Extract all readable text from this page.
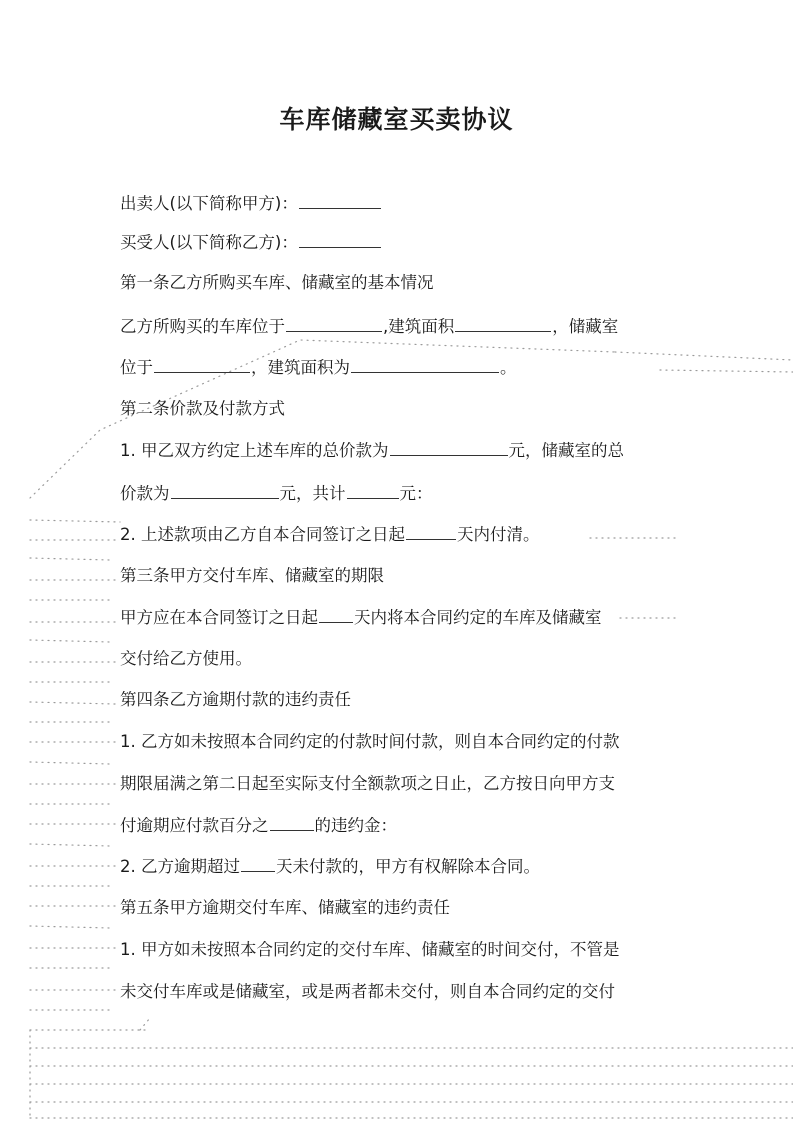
车库储藏室买卖协议
出卖人(以下简称甲方)：
买受人(以下简称乙方)：
第一条乙方所购买车库、储藏室的基本情况
乙方所购买的车库位于	,建筑面积	，储藏室
位于	，建筑面积为	。
第二条价款及付款方式
1. 甲乙双方约定上述车库的总价款为	元，储藏室的总
价款为	元，共计	元：
2. 上述款项由乙方自本合同签订之日起	天内付清。
第三条甲方交付车库、储藏室的期限
甲方应在本合同签订之日起 天内将本合同约定的车库及储藏室
交付给乙方使用。
第四条乙方逾期付款的违约责任
1. 乙方如未按照本合同约定的付款时间付款，则自本合同约定的付款
期限届满之第二日起至实际支付全额款项之日止，乙方按日向甲方支
付逾期应付款百分之	的违约金：
2. 乙方逾期超过 天未付款的，甲方有权解除本合同。
第五条甲方逾期交付车库、储藏室的违约责任
1. 甲方如未按照本合同约定的交付车库、储藏室的时间交付，不管是
未交付车库或是储藏室，或是两者都未交付，则自本合同约定的交付
